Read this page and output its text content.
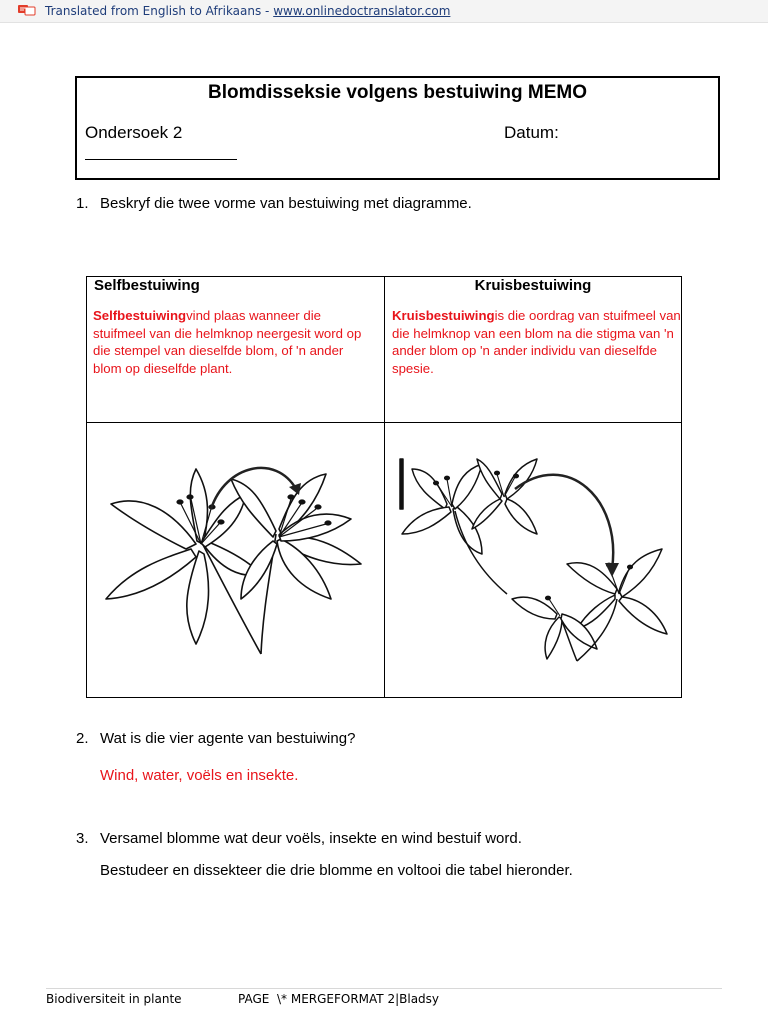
Translated from English to Afrikaans - www.onlinedoctranslator.com
Blomdisseksie volgens bestuiwing MEMO
Ondersoek 2	Datum:
1. Beskryf die twee vorme van bestuiwing met diagramme.
Selfbestuiwing	Kruisbestuiwing
Selfbestuiwingvind plaas wanneer die stuifmeel van die helmknop neergesit word op die stempel van dieselfde blom, of 'n ander blom op dieselfde plant.
Kruisbestuiwingis die oordrag van stuifmeel van die helmknop van een blom na die stigma van 'n ander blom op 'n ander individu van dieselfde spesie.
2. Wat is die vier agente van bestuiwing?
Wind, water, voëls en insekte.
3. Versamel blomme wat deur voëls, insekte en wind bestuif word.
Bestudeer en dissekteer die drie blomme en voltooi die tabel hieronder.
Biodiversiteit in plante	PAGE  \* MERGEFORMAT 2|Bladsy
